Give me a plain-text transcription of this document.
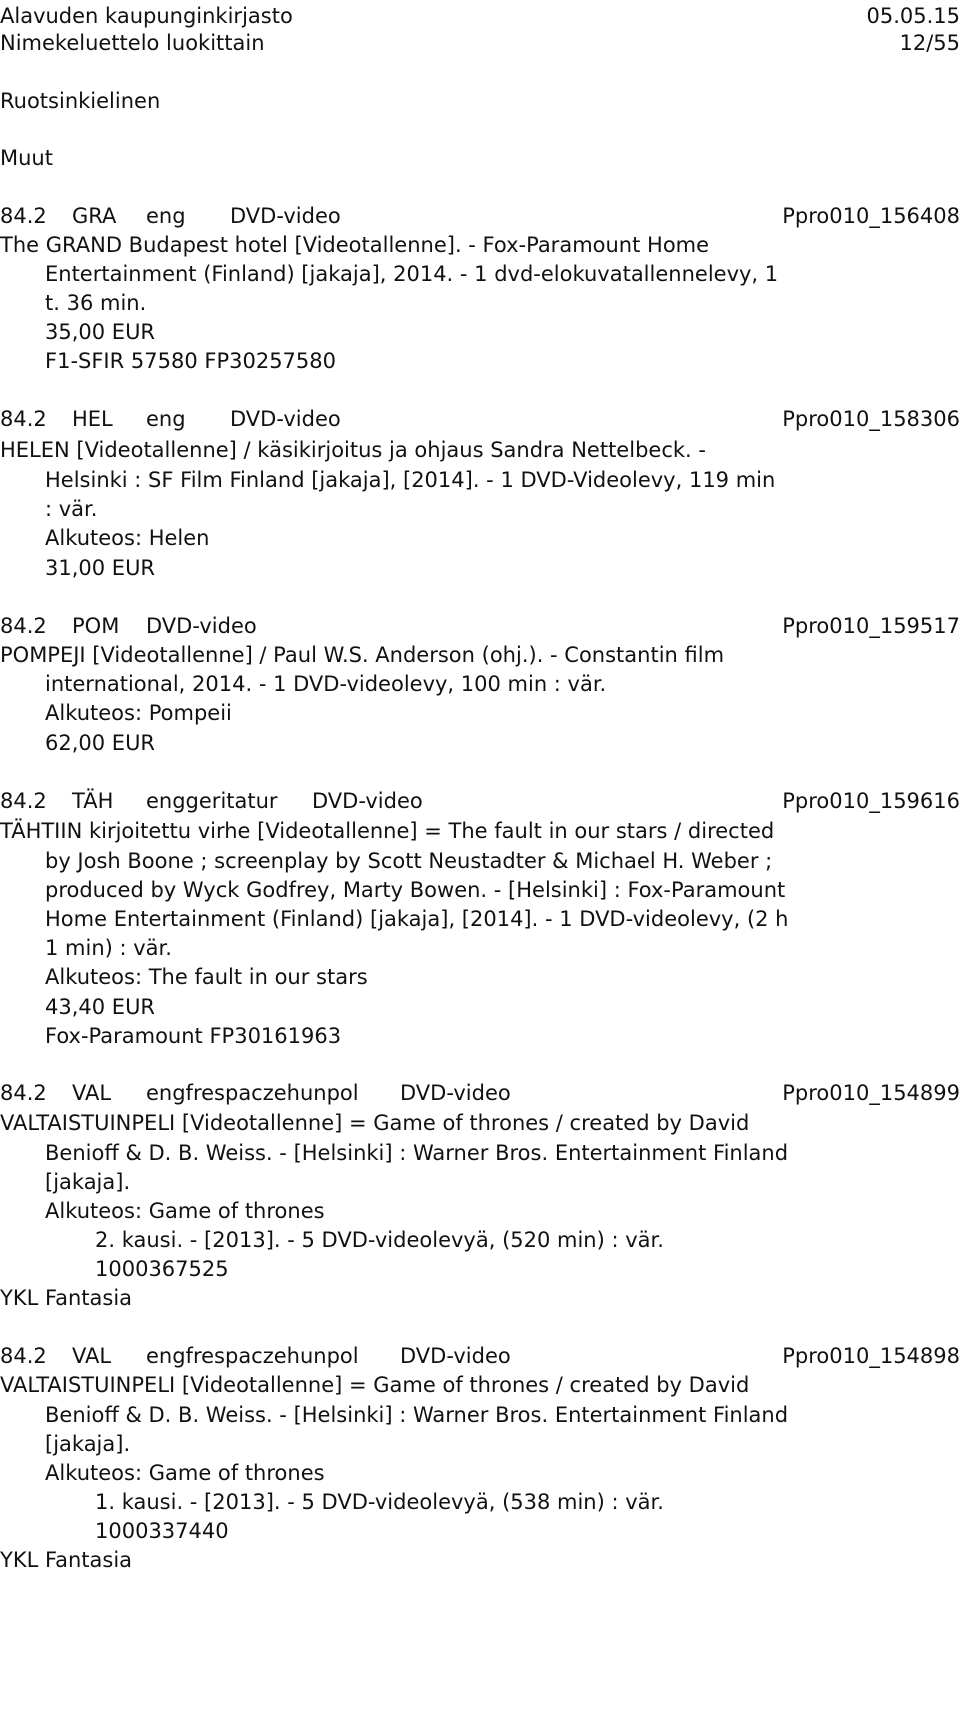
Alavuden kaupunginkirjasto	05.05.15
Nimekeluettelo luokittain	12/55
Ruotsinkielinen
Muut
84.2 GRA eng DVD-video	Ppro010_156408
The GRAND Budapest hotel [Videotallenne]. - Fox-Paramount Home
Entertainment (Finland) [jakaja], 2014. - 1 dvd-elokuvatallennelevy, 1
t. 36 min.
35,00 EUR
F1-SFIR 57580 FP30257580
84.2 HEL eng DVD-video	Ppro010_158306
HELEN [Videotallenne] / käsikirjoitus ja ohjaus Sandra Nettelbeck. -
Helsinki : SF Film Finland [jakaja], [2014]. - 1 DVD-Videolevy, 119 min
: vär.
Alkuteos: Helen
31,00 EUR
84.2 POM DVD-video	Ppro010_159517
POMPEJI [Videotallenne] / Paul W.S. Anderson (ohj.). - Constantin film
international, 2014. - 1 DVD-videolevy, 100 min : vär.
Alkuteos: Pompeii
62,00 EUR
84.2 TÄH enggeritatur DVD-video	Ppro010_159616
TÄHTIIN kirjoitettu virhe [Videotallenne] = The fault in our stars / directed
by Josh Boone ; screenplay by Scott Neustadter & Michael H. Weber ;
produced by Wyck Godfrey, Marty Bowen. - [Helsinki] : Fox-Paramount
Home Entertainment (Finland) [jakaja], [2014]. - 1 DVD-videolevy, (2 h
1 min) : vär.
Alkuteos: The fault in our stars
43,40 EUR
Fox-Paramount FP30161963
84.2 VAL engfrespaczehunpol DVD-video	Ppro010_154899
VALTAISTUINPELI [Videotallenne] = Game of thrones / created by David
Benioff & D. B. Weiss. - [Helsinki] : Warner Bros. Entertainment Finland
[jakaja].
Alkuteos: Game of thrones
2. kausi. - [2013]. - 5 DVD-videolevyä, (520 min) : vär.
1000367525
YKL Fantasia
84.2 VAL engfrespaczehunpol DVD-video	Ppro010_154898
VALTAISTUINPELI [Videotallenne] = Game of thrones / created by David
Benioff & D. B. Weiss. - [Helsinki] : Warner Bros. Entertainment Finland
[jakaja].
Alkuteos: Game of thrones
1. kausi. - [2013]. - 5 DVD-videolevyä, (538 min) : vär.
1000337440
YKL Fantasia
